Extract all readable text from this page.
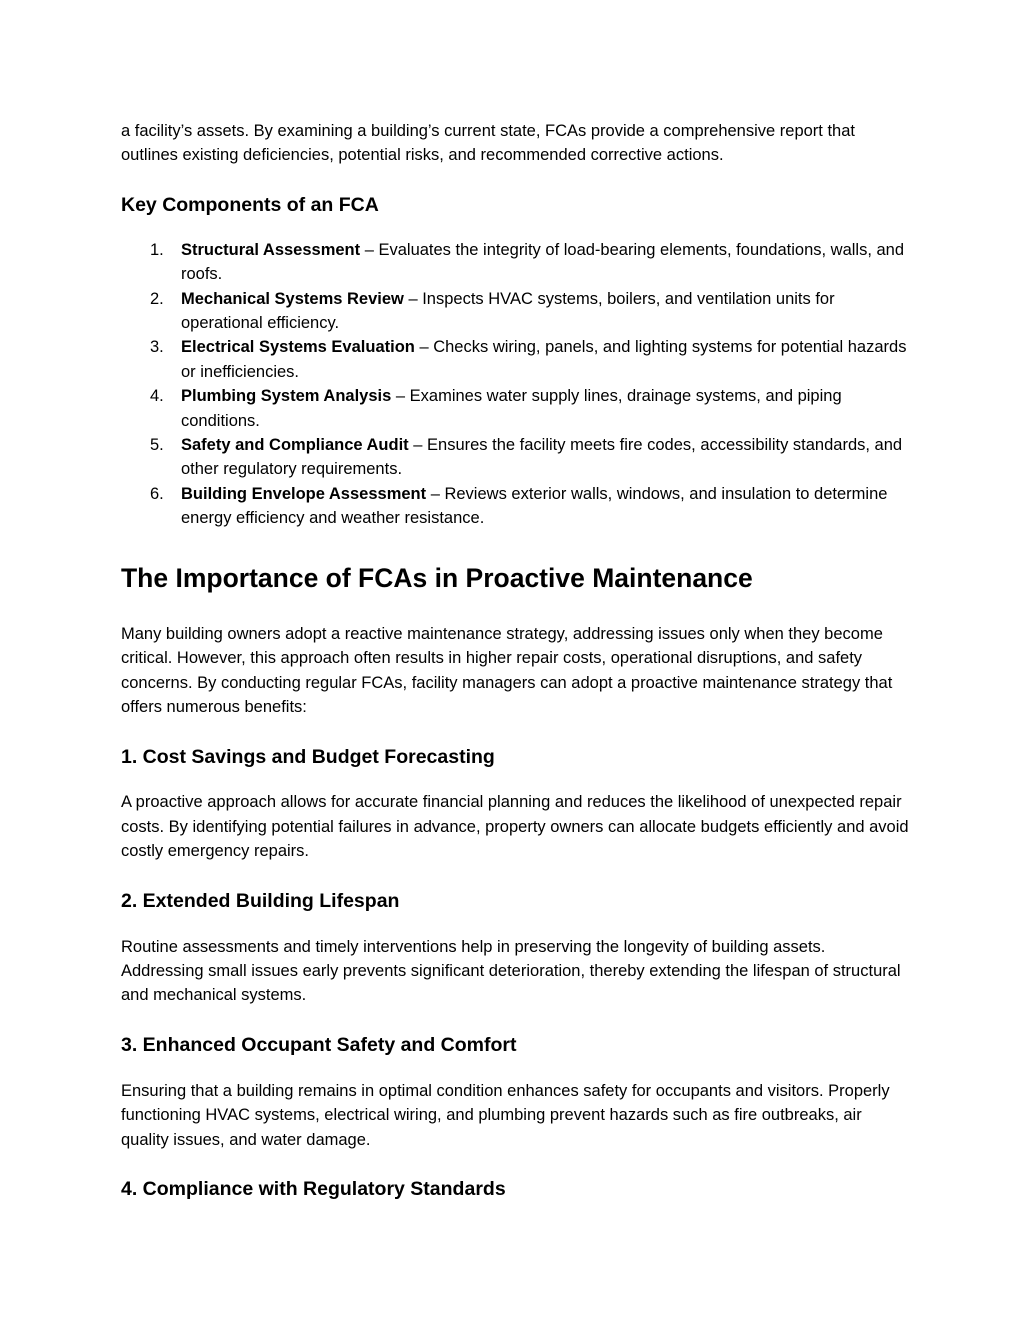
a facility’s assets. By examining a building’s current state, FCAs provide a comprehensive report that outlines existing deficiencies, potential risks, and recommended corrective actions.

Key Components of an FCA
1. Structural Assessment – Evaluates the integrity of load-bearing elements, foundations, walls, and roofs.
2. Mechanical Systems Review – Inspects HVAC systems, boilers, and ventilation units for operational efficiency.
3. Electrical Systems Evaluation – Checks wiring, panels, and lighting systems for potential hazards or inefficiencies.
4. Plumbing System Analysis – Examines water supply lines, drainage systems, and piping conditions.
5. Safety and Compliance Audit – Ensures the facility meets fire codes, accessibility standards, and other regulatory requirements.
6. Building Envelope Assessment – Reviews exterior walls, windows, and insulation to determine energy efficiency and weather resistance.
The Importance of FCAs in Proactive Maintenance

Many building owners adopt a reactive maintenance strategy, addressing issues only when they become critical. However, this approach often results in higher repair costs, operational disruptions, and safety concerns. By conducting regular FCAs, facility managers can adopt a proactive maintenance strategy that offers numerous benefits:

1. Cost Savings and Budget Forecasting

A proactive approach allows for accurate financial planning and reduces the likelihood of unexpected repair costs. By identifying potential failures in advance, property owners can allocate budgets efficiently and avoid costly emergency repairs.

2. Extended Building Lifespan

Routine assessments and timely interventions help in preserving the longevity of building assets. Addressing small issues early prevents significant deterioration, thereby extending the lifespan of structural and mechanical systems.

3. Enhanced Occupant Safety and Comfort

Ensuring that a building remains in optimal condition enhances safety for occupants and visitors. Properly functioning HVAC systems, electrical wiring, and plumbing prevent hazards such as fire outbreaks, air quality issues, and water damage.

4. Compliance with Regulatory Standards
